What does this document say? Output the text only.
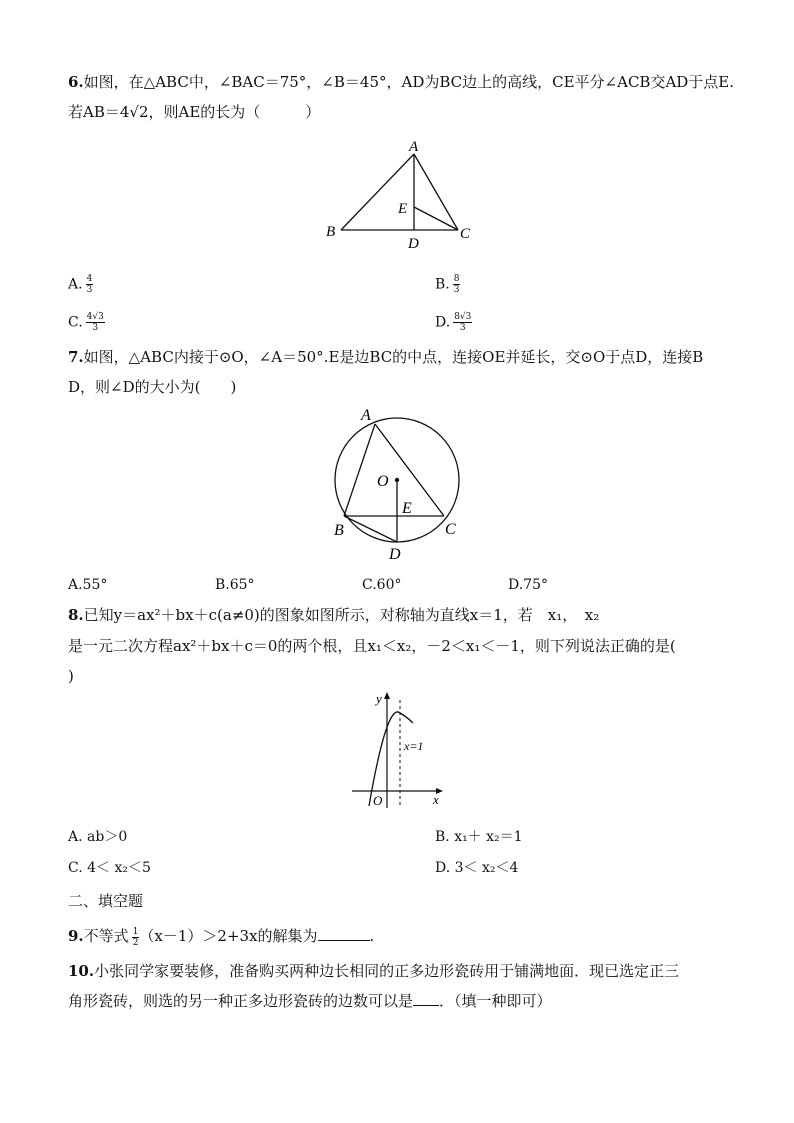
6.如图，在△ABC中，∠BAC＝75°，∠B＝45°，AD为BC边上的高线，CE平分∠ACB交AD于点E.
若AB＝4√2，则AE的长为（　　　）
A
B	C
D
E
A. $\frac{4}{3}$	B. $\frac{8}{3}$
C. $\frac{4√3}{3}$	D. $\frac{8√3}{3}$
7.如图，△ABC内接于⊙O，∠A＝50°.E是边BC的中点，连接OE并延长，交⊙O于点D，连接B
D，则∠D的大小为(　　)
A
O
E
B	C
D
A.55°	B.65°	C.60°	D.75°
8.已知y＝ax²＋bx＋c(a≠0)的图象如图所示，对称轴为直线x＝1，若　x₁，　x₂
是一元二次方程ax²＋bx＋c＝0的两个根，且x₁＜x₂，－2＜x₁＜－1，则下列说法正确的是(
)
y
x
O
x=1
A. ab＞0	B. x₁＋ x₂＝1
C. 4＜ x₂＜5	D. 3＜ x₂＜4
二、填空题
9.不等式 $\frac{1}{2} (x-1)>2+3x$的解集为	.
10.小张同学家要装修，准备购买两种边长相同的正多边形瓷砖用于铺满地面．现已选定正三
角形瓷砖，则选的另一种正多边形瓷砖的边数可以是 ．（填一种即可）
